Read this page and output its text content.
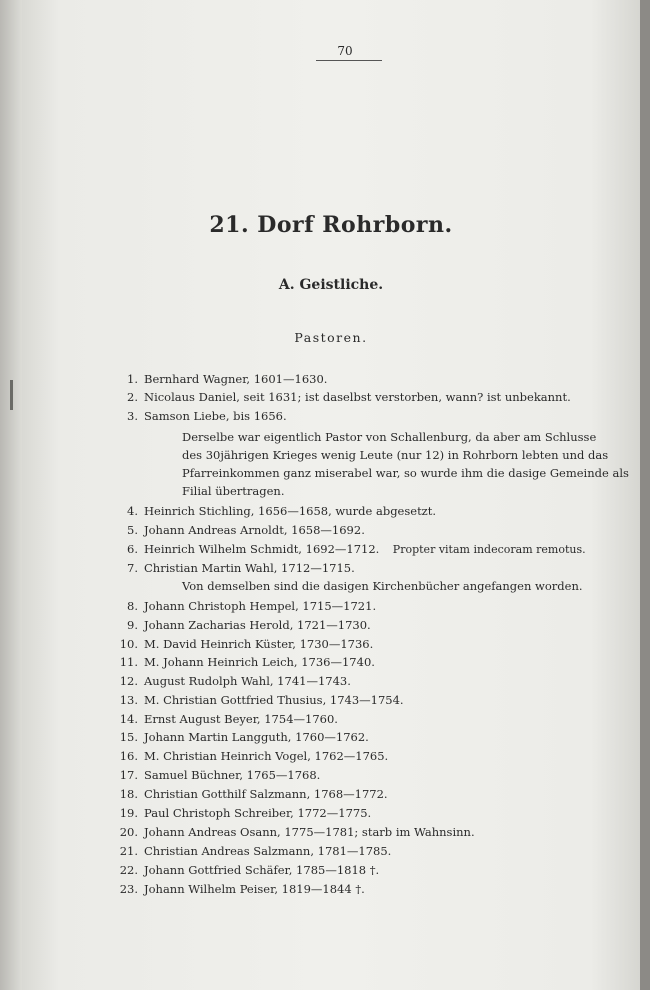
70
21. Dorf Rohrborn.
A. Geistliche.
Pastoren.
1. Bernhard Wagner, 1601—1630.
2. Nicolaus Daniel, seit 1631; ist daselbst verstorben, wann? ist unbekannt.
3. Samson Liebe, bis 1656.
Derselbe war eigentlich Pastor von Schallenburg, da aber am Schlusse
des 30jährigen Krieges wenig Leute (nur 12) in Rohrborn lebten und das
Pfarreinkommen ganz miserabel war, so wurde ihm die dasige Gemeinde als
Filial übertragen.
4. Heinrich Stichling, 1656—1658, wurde abgesetzt.
5. Johann Andreas Arnoldt, 1658—1692.
6. Heinrich Wilhelm Schmidt, 1692—1712. Propter vitam indecoram remotus.
7. Christian Martin Wahl, 1712—1715.
Von demselben sind die dasigen Kirchenbücher angefangen worden.
8. Johann Christoph Hempel, 1715—1721.
9. Johann Zacharias Herold, 1721—1730.
10. M. David Heinrich Küster, 1730—1736.
11. M. Johann Heinrich Leich, 1736—1740.
12. August Rudolph Wahl, 1741—1743.
13. M. Christian Gottfried Thusius, 1743—1754.
14. Ernst August Beyer, 1754—1760.
15. Johann Martin Langguth, 1760—1762.
16. M. Christian Heinrich Vogel, 1762—1765.
17. Samuel Büchner, 1765—1768.
18. Christian Gotthilf Salzmann, 1768—1772.
19. Paul Christoph Schreiber, 1772—1775.
20. Johann Andreas Osann, 1775—1781; starb im Wahnsinn.
21. Christian Andreas Salzmann, 1781—1785.
22. Johann Gottfried Schäfer, 1785—1818 †.
23. Johann Wilhelm Peiser, 1819—1844 †.
